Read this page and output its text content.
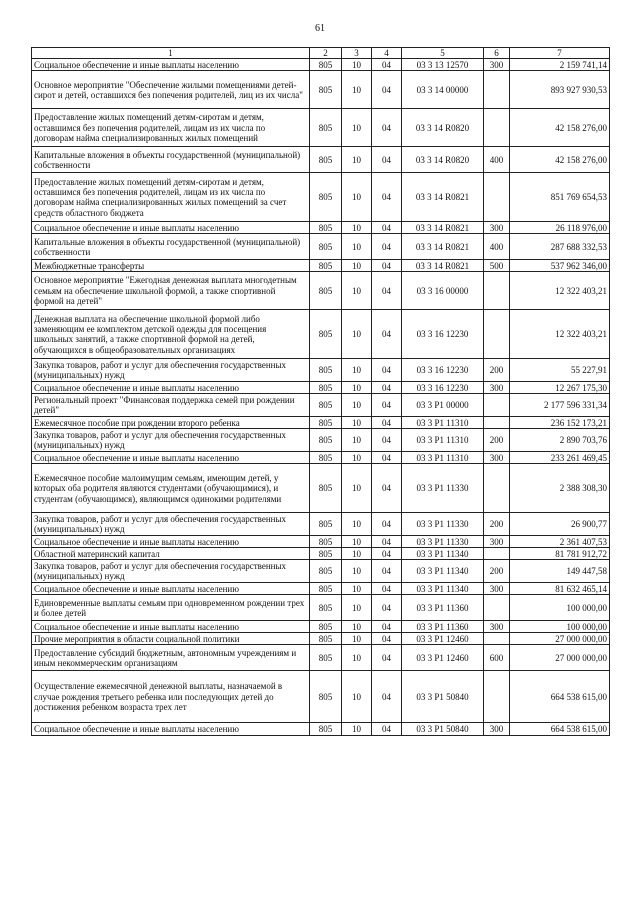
61
1	2	3	4	5	6	7
Социальное обеспечение и иные выплаты населению	805	10	04	03 3 13 12570	300	2 159 741,14
Основное мероприятие "Обеспечение жилыми помещениями детей-сирот и детей, оставшихся без попечения родителей, лиц из их числа"	805	10	04	03 3 14 00000		893 927 930,53
Предоставление жилых помещений детям-сиротам и детям, оставшимся без попечения родителей, лицам из их числа по договорам найма специализированных жилых помещений	805	10	04	03 3 14 R0820		42 158 276,00
Капитальные вложения в объекты государственной (муниципальной) собственности	805	10	04	03 3 14 R0820	400	42 158 276,00
Предоставление жилых помещений детям-сиротам и детям, оставшимся без попечения родителей, лицам из их числа по договорам найма специализированных жилых помещений за счет средств областного бюджета	805	10	04	03 3 14 R0821		851 769 654,53
Социальное обеспечение и иные выплаты населению	805	10	04	03 3 14 R0821	300	26 118 976,00
Капитальные вложения в объекты государственной (муниципальной) собственности	805	10	04	03 3 14 R0821	400	287 688 332,53
Межбюджетные трансферты	805	10	04	03 3 14 R0821	500	537 962 346,00
Основное мероприятие "Ежегодная денежная выплата многодетным семьям на обеспечение школьной формой, а также спортивной формой на детей"	805	10	04	03 3 16 00000		12 322 403,21
Денежная выплата на обеспечение школьной формой либо заменяющим ее комплектом детской одежды для посещения школьных занятий, а также спортивной формой на детей, обучающихся в общеобразовательных организациях	805	10	04	03 3 16 12230		12 322 403,21
Закупка товаров, работ и услуг для обеспечения государственных (муниципальных) нужд	805	10	04	03 3 16 12230	200	55 227,91
Социальное обеспечение и иные выплаты населению	805	10	04	03 3 16 12230	300	12 267 175,30
Региональный проект "Финансовая поддержка семей при рождении детей"	805	10	04	03 3 P1 00000		2 177 596 331,34
Ежемесячное пособие при рождении второго ребенка	805	10	04	03 3 P1 11310		236 152 173,21
Закупка товаров, работ и услуг для обеспечения государственных (муниципальных) нужд	805	10	04	03 3 P1 11310	200	2 890 703,76
Социальное обеспечение и иные выплаты населению	805	10	04	03 3 P1 11310	300	233 261 469,45
Ежемесячное пособие малоимущим семьям, имеющим детей, у которых оба родителя являются студентами (обучающимися), и студентам (обучающимся), являющимся одинокими родителями	805	10	04	03 3 P1 11330		2 388 308,30
Закупка товаров, работ и услуг для обеспечения государственных (муниципальных) нужд	805	10	04	03 3 P1 11330	200	26 900,77
Социальное обеспечение и иные выплаты населению	805	10	04	03 3 P1 11330	300	2 361 407,53
Областной материнский капитал	805	10	04	03 3 P1 11340		81 781 912,72
Закупка товаров, работ и услуг для обеспечения государственных (муниципальных) нужд	805	10	04	03 3 P1 11340	200	149 447,58
Социальное обеспечение и иные выплаты населению	805	10	04	03 3 P1 11340	300	81 632 465,14
Единовременные выплаты семьям при одновременном рождении трех и более детей	805	10	04	03 3 P1 11360		100 000,00
Социальное обеспечение и иные выплаты населению	805	10	04	03 3 P1 11360	300	100 000,00
Прочие мероприятия в области социальной политики	805	10	04	03 3 P1 12460		27 000 000,00
Предоставление субсидий бюджетным, автономным учреждениям и иным некоммерческим организациям	805	10	04	03 3 P1 12460	600	27 000 000,00
Осуществление ежемесячной денежной выплаты, назначаемой в случае рождения третьего ребенка или последующих детей до достижения ребенком возраста трех лет	805	10	04	03 3 P1 50840		664 538 615,00
Социальное обеспечение и иные выплаты населению	805	10	04	03 3 P1 50840	300	664 538 615,00
